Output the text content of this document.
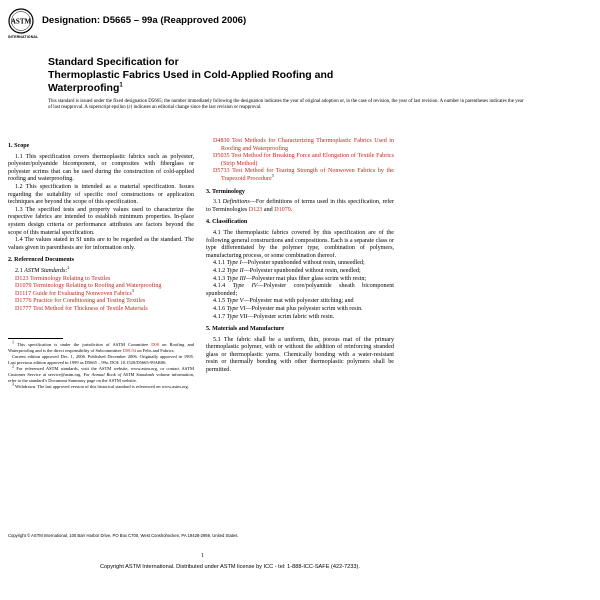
ASTM
INTERNATIONAL
Designation: D5665 – 99a (Reapproved 2006)
Standard Specification for
Thermoplastic Fabrics Used in Cold-Applied Roofing and
Waterproofing$^1$
This standard is issued under the fixed designation D5665; the number immediately following the designation indicates the year of original adoption or, in the case of revision, the year of last revision. A number in parentheses indicates the year of last reapproval. A superscript epsilon (ε) indicates an editorial change since the last revision or reapproval.

1. Scope

1.1 This specification covers thermoplastic fabrics such as polyester, polyester/polyamide bicomponent, or composites with fiberglass or polyester scrims that can be used during the construction of cold-applied roofing and waterproofing.

1.2 This specification is intended as a material specification. Issues regarding the suitability of specific roof constructions or application techniques are beyond the scope of this specification.

1.3 The specified tests and property values used to characterize the respective fabrics are intended to establish minimum properties. In-place system design criteria or performance attributes are factors beyond the scope of this material specification.

1.4 The values stated in SI units are to be regarded as the standard. The values given in parenthesis are for information only.

2. Referenced Documents

2.1 ASTM Standards:$^2$

D123 Terminology Relating to Textiles
D1079 Terminology Relating to Roofing and Waterproofing
D1117 Guide for Evaluating Nonwoven Fabrics$^3$
D1776 Practice for Conditioning and Testing Textiles
D1777 Test Method for Thickness of Textile Materials

$^1$ This specification is under the jurisdiction of ASTM Committee D08 on Roofing and Waterproofing and is the direct responsibility of Subcommittee D08.04 on Felts and Fabrics.

Current edition approved Dec. 1, 2006. Published December 2006. Originally approved in 1995. Last previous edition approved in 1999 as D5665 – 99a. DOI: 10.1520/D5665-99AR06.

$^2$ For referenced ASTM standards, visit the ASTM website, www.astm.org, or contact ASTM Customer Service at service@astm.org. For Annual Book of ASTM Standards volume information, refer to the standard’s Document Summary page on the ASTM website.

$^3$ Withdrawn. The last approved version of this historical standard is referenced on www.astm.org.

D4830 Test Methods for Characterizing Thermoplastic Fabrics Used in Roofing and Waterproofing

D5035 Test Method for Breaking Force and Elongation of Textile Fabrics (Strip Method)

D5733 Test Method for Tearing Strength of Nonwoven Fabrics by the Trapezoid Procedure$^3$

3. Terminology

3.1 Definitions—For definitions of terms used in this specification, refer to Terminologies D123 and D1079.

4. Classification

4.1 The thermoplastic fabrics covered by this specification are of the following general constructions and compositions. Each is a separate class or type differentiated by the polymer type, combination of polymers, manufacturing process, or some combination thereof.

4.1.1 Type I—Polyester spunbonded without resin, unneedled;

4.1.2 Type II—Polyester spunbonded without resin, needled;

4.1.3 Type III—Polyester mat plus fiber glass scrim with resin;

4.1.4 Type IV—Polyester core/polyamide sheath bicomponent spunbonded;

4.1.5 Type V—Polyester mat with polyester stitching; and

4.1.6 Type VI—Polyester mat plus polyester scrim with resin.

4.1.7 Type VII—Polyester scrim fabric with resin.

5. Materials and Manufacture

5.1 The fabric shall be a uniform, thin, porous mat of the primary thermoplastic polymer, with or without the addition of reinforcing stranded glass or thermoplastic yarns. Chemically bonding with a water-resistant resin or thermally bonding with other thermoplastic polymers shall be permitted.

Copyright © ASTM International, 100 Barr Harbor Drive, PO Box C700, West Conshohocken, PA 19428-2959, United States.
1
Copyright ASTM International. Distributed under ASTM license by ICC - tel: 1-888-ICC-SAFE (422-7233).
